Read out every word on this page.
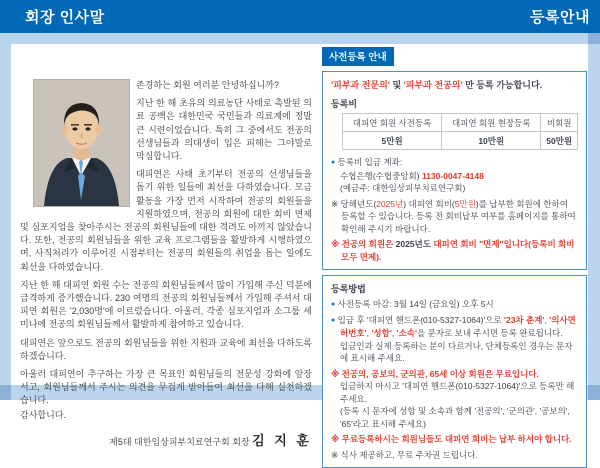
회장 인사말	등록안내

존경하는 회원 여러분 안녕하십니까?

지난 한 해 초유의 의료농단 사태로 촉발된 의료 공백은 대한민국 국민들과 의료계에 정말 큰 시련이었습니다. 특히 그 중에서도 전공의 선생님들과 의대생이 입은 피해는 그야말로 막심합니다.

대피연은 사태 초기부터 전공의 선생님들을 돕기 위한 일들에 최선을 다하였습니다. 모금 활동을 가장 먼저 시작하여 전공의 회원들을 지원하였으며, 전공의 회원에 대한 회비 면제 및 심포지엄을 찾아주시는 전공의 회원님들에 대한 격려도 아끼지 않았습니다. 또한, 전공의 회원님들을 위한 교육 프로그램들을 활발하게 시행하였으며, 사직처리가 이루어진 시점부터는 전공의 회원들의 취업을 돕는 일에도 최선을 다하였습니다.

지난 한 해 대피연 회원 수는 전공의 회원님들께서 많이 가입해 주신 덕분에 급격하게 증가했습니다. 230 여명의 전공의 회원님들께서 가입해 주셔서 대피연 회원은 '2,030명'에 이르렀습니다. 아울러, 각종 심포지엄과 소그룹 세미나에 전공의 회원님들께서 활발하게 참여하고 있습니다.

대피연은 앞으로도 전공의 회원님들을 위한 지원과 교육에 최선을 다하도록 하겠습니다.

아울러 대피연이 추구하는 가장 큰 목표인 회원님들의 전문성 강화에 앞장서고, 회원님들께서 주시는 의견을 무겁게 받아들여 최선을 다해 실천하겠습니다.

감사합니다.

제5대 대한임상피부치료연구회 회장 김 지 훈
사전등록 안내
'피부과 전문의' 및 '피부과 전공의' 만 등록 가능합니다.
등록비
대피연 회원 사전등록	대피연 회원 현장등록	비회원
5만원	10만원	50만원
● 등록비 입금 계좌:
수협은행(수협중앙회) 1130-0047-4148
(예금주: 대한임상피부치료연구회)
※ 당해년도(2025년) 대피연 회비(5만원)를 납부한 회원에 한하여 등록할 수 있습니다. 등록 전 회비납부 여부를 홈페이지를 통하여 확인해 주시기 바랍니다.
※ 전공의 회원은 2025년도 대피연 회비 "면제"입니다(등록비 회비 모두 면제).
등록방법
● 사전등록 마감: 3월 14일 (금요일) 오후 5시
● 입금 후 '대피연 핸드폰(010-5327-1064)'으로 '23차 춘계', '의사면허번호', '성함', '소속'을 문자로 보내 주시면 등록 완료됩니다.
입금인과 실제 등록하는 분이 다르거나, 단체등록인 경우는 문자에 표시해 주세요.
※ 전공의, 공보의, 군의관, 65세 이상 회원은 무료입니다.
입금하지 마시고 '대피연 핸드폰(010-5327-1064)'으로 등록만 해 주세요.
(등록 시 문자에 성함 및 소속과 함께 '전공의', '군의관', '공보의', '65'라고 표시해 주세요)
※ 무료등록하시는 회원님들도 대피연 회비는 납부 하셔야 합니다.
※ 식사 제공하고, 무료 주차권 드립니다.
